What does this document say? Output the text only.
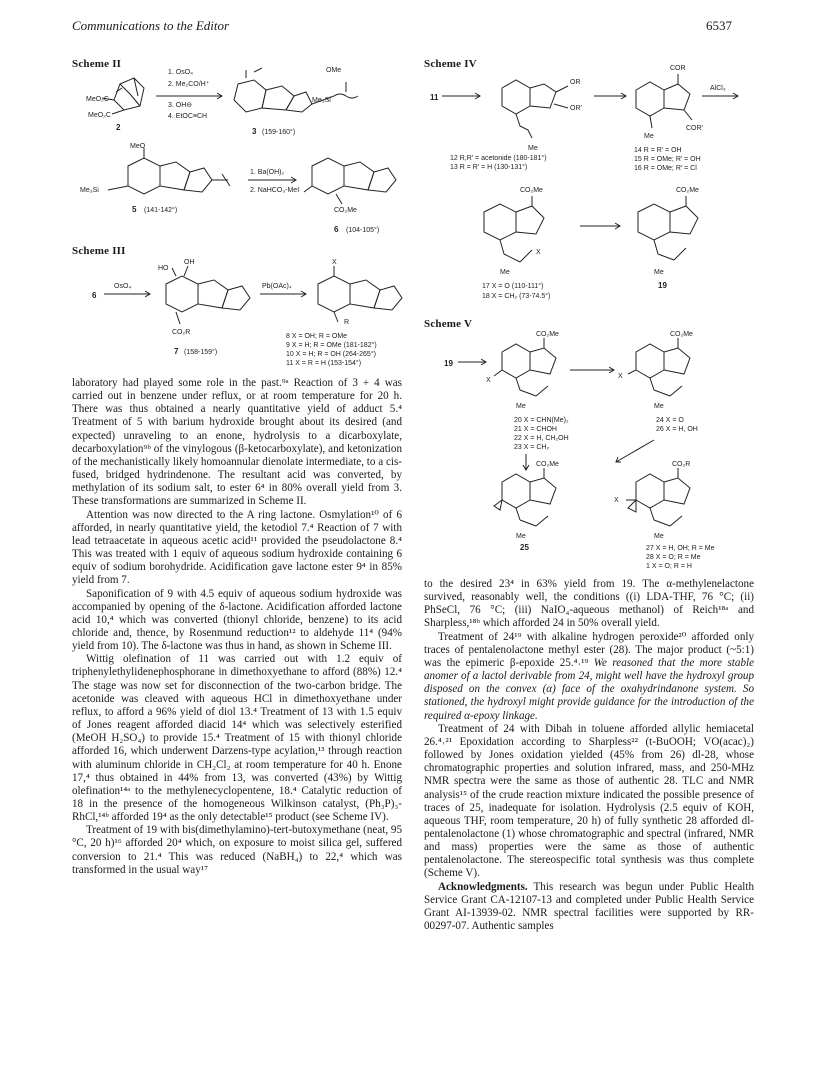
Communications to the Editor	6537
Scheme II
MeO₂C
MeO₂C
2
1. OsO₄
2. Me₂CO/H⁺
3. OH⊖
4. EtOC≡CH
OMe
Me₃Si
3 (159-160°)
MeO
Me₃Si
5 (141-142°)
1. Ba(OH)₂
2. NaHCO₃-MeI
CO₂Me
6 (104-105°)
Scheme III
6
OsO₄
HO
OH
CO₂R
7 (158-159°)
Pb(OAc)₄
X
R
8 X = OH; R = OMe
9 X = H; R = OMe (181-182°)
10 X = H; R = OH (264-265°)
11 X = R = H (153-154°)
Scheme IV
11
OR
OR′
Me
12 R,R′ = acetonide (180-181°)
13 R = R′ = H (130-131°)
COR
COR′
Me
AlCl₃
14 R = R′ = OH
15 R = OMe; R′ = OH
16 R = OMe; R′ = Cl
CO₂Me
X
Me
17 X = O (110-111°)
18 X = CH₂ (73-74.5°)
CO₂Me
Me
19
Scheme V
19
CO₂Me
X
Me
20 X = CHN(Me)₂
21 X = CHOH
22 X = H, CH₂OH
23 X = CH₂
CO₂Me
X
Me
24 X = O
26 X = H, OH
CO₂Me
Me
25
CO₂R
X
Me
27 X = H, OH; R = Me
28 X = O; R = Me
1 X = O; R = H

laboratory had played some role in the past.⁹ᵃ Reaction of 3 + 4 was carried out in benzene under reflux, or at room temperature for 20 h. There was thus obtained a nearly quantitative yield of adduct 5.⁴ Treatment of 5 with barium hydroxide brought about its desired (and expected) unraveling to an enone, hydrolysis to a dicarboxylate, decarboxylation⁹ᵇ of the vinylogous (β-ketocarboxylate), and ketonization of the mechanistically likely homoannular dienolate intermediate, to a cis-fused, bridged hydrindenone. The resultant acid was converted, by methylation of its sodium salt, to ester 6⁴ in 80% overall yield from 3. These transformations are summarized in Scheme II.

Attention was now directed to the A ring lactone. Osmylation¹⁰ of 6 afforded, in nearly quantitative yield, the ketodiol 7.⁴ Reaction of 7 with lead tetraacetate in aqueous acetic acid¹¹ provided the pseudolactone 8.⁴ This was treated with 1 equiv of aqueous sodium hydroxide containing 6 equiv of sodium borohydride. Acidification gave lactone ester 9⁴ in 85% yield from 7.

Saponification of 9 with 4.5 equiv of aqueous sodium hydroxide was accompanied by opening of the δ-lactone. Acidification afforded lactone acid 10,⁴ which was converted (thionyl chloride, benzene) to its acid chloride and, thence, by Rosenmund reduction¹² to aldehyde 11⁴ (94% yield from 10). The δ-lactone was thus in hand, as shown in Scheme III.

Wittig olefination of 11 was carried out with 1.2 equiv of triphenylethylidenephosphorane in dimethoxyethane to afford (88%) 12.⁴ The stage was now set for disconnection of the two-carbon bridge. The acetonide was cleaved with aqueous HCl in dimethoxyethane under reflux, to afford a 96% yield of diol 13.⁴ Treatment of 13 with 1.5 equiv of Jones reagent afforded diacid 14⁴ which was selectively esterified (MeOH H₂SO₄) to provide 15.⁴ Treatment of 15 with thionyl chloride afforded 16, which underwent Darzens-type acylation,¹³ through reaction with aluminum chloride in CH₂Cl₂ at room temperature for 40 h. Enone 17,⁴ thus obtained in 44% from 13, was converted (43%) by Wittig olefination¹⁴ᵃ to the methylenecyclopentene, 18.⁴ Catalytic reduction of 18 in the presence of the homogeneous Wilkinson catalyst, (Ph₃P)₃-RhCl,¹⁴ᵇ afforded 19⁴ as the only detectable¹⁵ product (see Scheme IV).

Treatment of 19 with bis(dimethylamino)-tert-butoxymethane (neat, 95 °C, 20 h)¹⁶ afforded 20⁴ which, on exposure to moist silica gel, suffered conversion to 21.⁴ This was reduced (NaBH₄) to 22,⁴ which was transformed in the usual way¹⁷

to the desired 23⁴ in 63% yield from 19. The α-methylenelactone survived, reasonably well, the conditions ((i) LDA-THF, 76 °C; (ii) PhSeCl, 76 °C; (iii) NaIO₄-aqueous methanol) of Reich¹⁸ᵃ and Sharpless,¹⁸ᵇ which afforded 24 in 50% overall yield.

Treatment of 24¹⁹ with alkaline hydrogen peroxide²⁰ afforded only traces of pentalenolactone methyl ester (28). The major product (~5:1) was the epimeric β-epoxide 25.⁴˒¹⁹ We reasoned that the more stable anomer of a lactol derivable from 24, might well have the hydroxyl group disposed on the convex (α) face of the oxahydrindanone system. So stationed, the hydroxyl might provide guidance for the introduction of the required α-epoxy linkage.

Treatment of 24 with Dibah in toluene afforded allylic hemiacetal 26.⁴˒²¹ Epoxidation according to Sharpless²² (t-BuOOH; VO(acac)₂) followed by Jones oxidation yielded (45% from 26) dl-28, whose chromatographic properties and solution infrared, mass, and 250-MHz NMR spectra were the same as those of authentic 28. TLC and NMR analysis¹⁵ of the crude reaction mixture indicated the possible presence of traces of 25, inadequate for isolation. Hydrolysis (2.5 equiv of KOH, aqueous THF, room temperature, 20 h) of fully synthetic 28 afforded dl-pentalenolactone (1) whose chromatographic and spectral (infrared, NMR and mass) properties were the same as those of authentic pentalenolactone. The stereospecific total synthesis was thus complete (Scheme V).

Acknowledgments. This research was begun under Public Health Service Grant CA-12107-13 and completed under Public Health Service Grant AI-13939-02. NMR spectral facilities were supported by RR-00297-07. Authentic samples
